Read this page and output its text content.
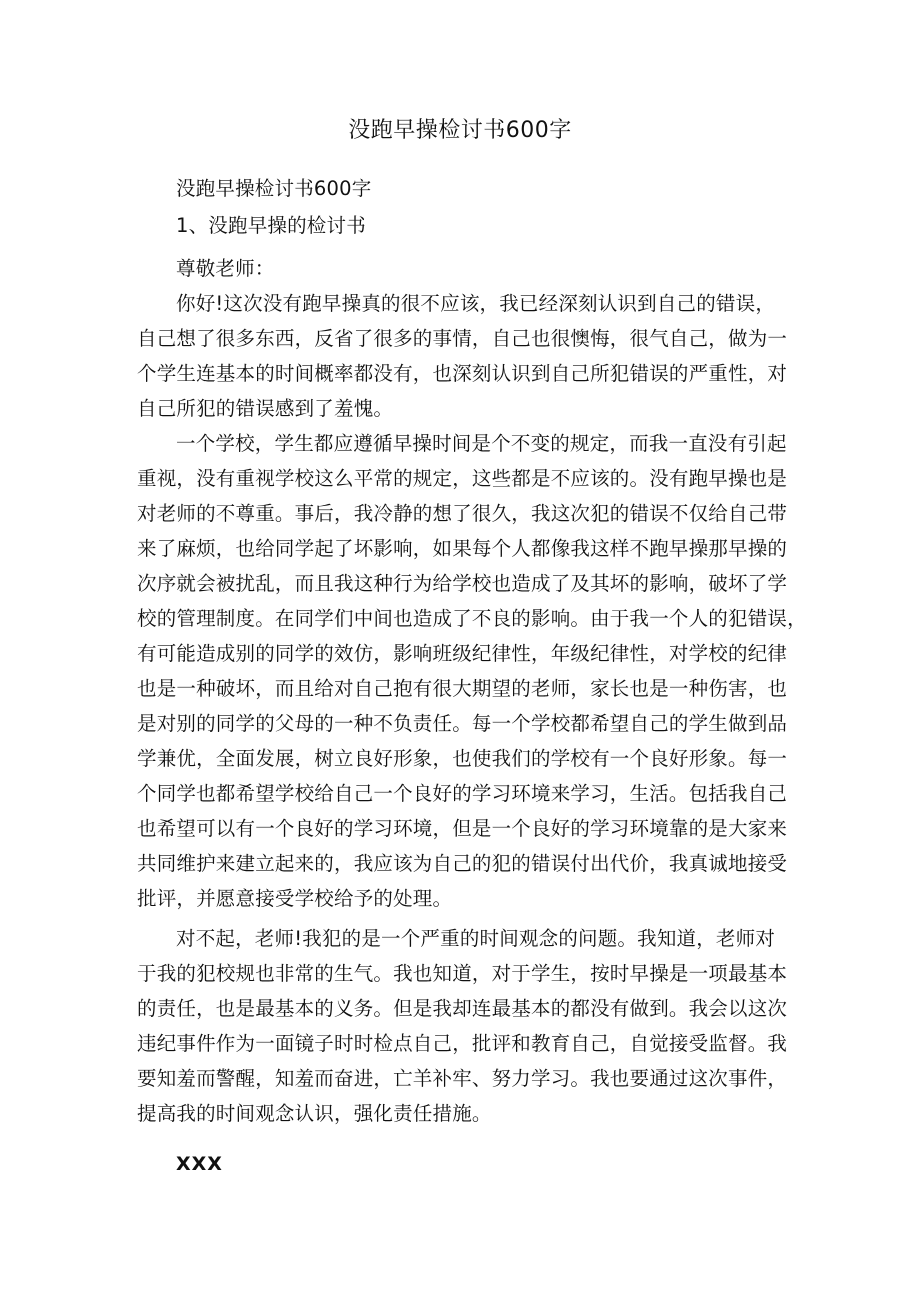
没跑早操检讨书600字
没跑早操检讨书600字
1、没跑早操的检讨书
尊敬老师：
你好!这次没有跑早操真的很不应该，我已经深刻认识到自己的错误，
自己想了很多东西，反省了很多的事情，自己也很懊悔，很气自己，做为一
个学生连基本的时间概率都没有，也深刻认识到自己所犯错误的严重性，对
自己所犯的错误感到了羞愧。
一个学校，学生都应遵循早操时间是个不变的规定，而我一直没有引起
重视，没有重视学校这么平常的规定，这些都是不应该的。没有跑早操也是
对老师的不尊重。事后，我冷静的想了很久，我这次犯的错误不仅给自己带
来了麻烦，也给同学起了坏影响，如果每个人都像我这样不跑早操那早操的
次序就会被扰乱，而且我这种行为给学校也造成了及其坏的影响，破坏了学
校的管理制度。在同学们中间也造成了不良的影响。由于我一个人的犯错误，
有可能造成别的同学的效仿，影响班级纪律性，年级纪律性，对学校的纪律
也是一种破坏，而且给对自己抱有很大期望的老师，家长也是一种伤害，也
是对别的同学的父母的一种不负责任。每一个学校都希望自己的学生做到品
学兼优，全面发展，树立良好形象，也使我们的学校有一个良好形象。每一
个同学也都希望学校给自己一个良好的学习环境来学习，生活。包括我自己
也希望可以有一个良好的学习环境，但是一个良好的学习环境靠的是大家来
共同维护来建立起来的，我应该为自己的犯的错误付出代价，我真诚地接受
批评，并愿意接受学校给予的处理。
对不起，老师!我犯的是一个严重的时间观念的问题。我知道，老师对
于我的犯校规也非常的生气。我也知道，对于学生，按时早操是一项最基本
的责任，也是最基本的义务。但是我却连最基本的都没有做到。我会以这次
违纪事件作为一面镜子时时检点自己，批评和教育自己，自觉接受监督。我
要知羞而警醒，知羞而奋进，亡羊补牢、努力学习。我也要通过这次事件，
提高我的时间观念认识，强化责任措施。
XXX
